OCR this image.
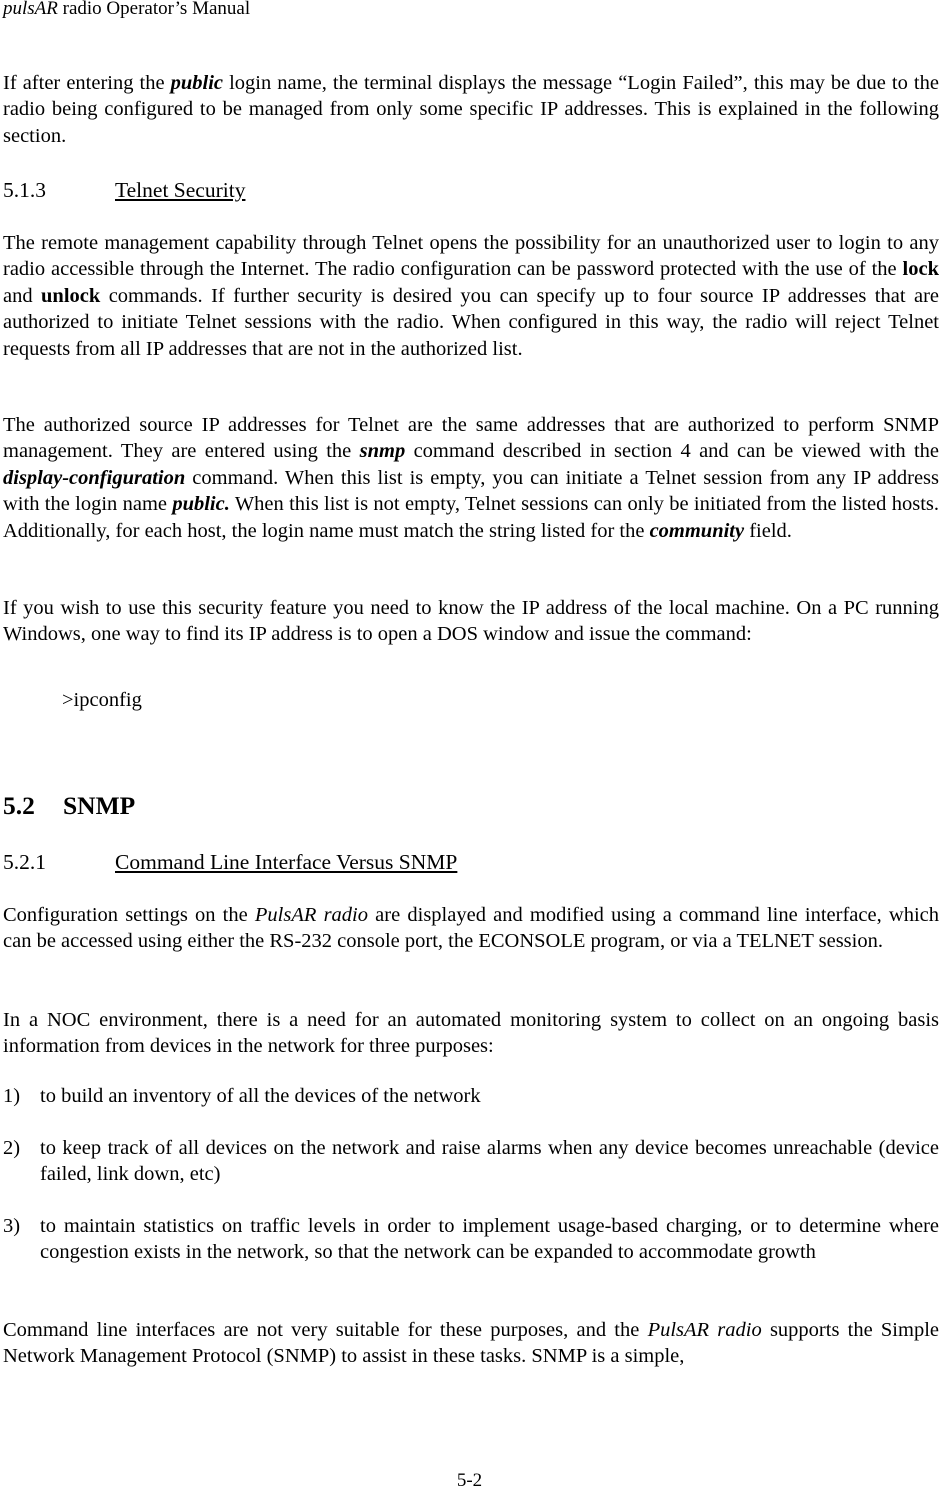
pulsAR radio Operator’s Manual

If after entering the public login name, the terminal displays the message “Login Failed”, this may be due to the radio being configured to be managed from only some specific IP addresses. This is explained in the following section.

5.1.3	Telnet Security

The remote management capability through Telnet opens the possibility for an unauthorized user to login to any radio accessible through the Internet. The radio configuration can be password protected with the use of the lock and unlock commands. If further security is desired you can specify up to four source IP addresses that are authorized to initiate Telnet sessions with the radio. When configured in this way, the radio will reject Telnet requests from all IP addresses that are not in the authorized list.

The authorized source IP addresses for Telnet are the same addresses that are authorized to perform SNMP management. They are entered using the snmp command described in section 4 and can be viewed with the display-configuration command. When this list is empty, you can initiate a Telnet session from any IP address with the login name public. When this list is not empty, Telnet sessions can only be initiated from the listed hosts. Additionally, for each host, the login name must match the string listed for the community field.

If you wish to use this security feature you need to know the IP address of the local machine. On a PC running Windows, one way to find its IP address is to open a DOS window and issue the command:

>ipconfig
5.2 SNMP
5.2.1	Command Line Interface Versus SNMP

Configuration settings on the PulsAR radio are displayed and modified using a command line interface, which can be accessed using either the RS-232 console port, the ECONSOLE program, or via a TELNET session.

In a NOC environment, there is a need for an automated monitoring system to collect on an ongoing basis information from devices in the network for three purposes:

1) to build an inventory of all the devices of the network
2) to keep track of all devices on the network and raise alarms when any device becomes unreachable (device failed, link down, etc)
3) to maintain statistics on traffic levels in order to implement usage-based charging, or to determine where congestion exists in the network, so that the network can be expanded to accommodate growth

Command line interfaces are not very suitable for these purposes, and the PulsAR radio supports the Simple Network Management Protocol (SNMP) to assist in these tasks. SNMP is a simple,

5-2
